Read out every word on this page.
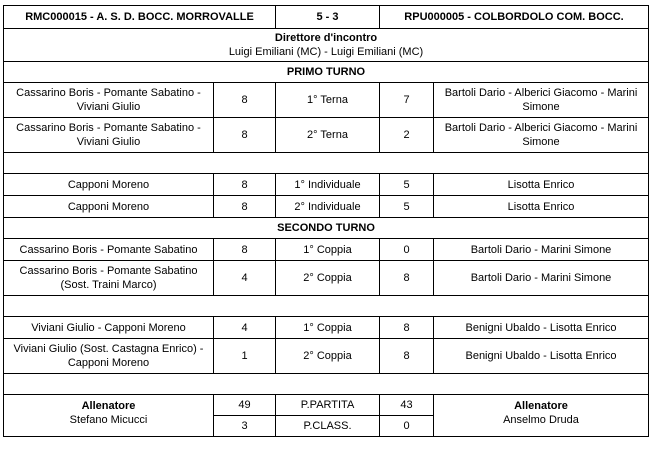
RMC000015 - A. S. D. BOCC. MORROVALLE		5 - 3	RPU000005 - COLBORDOLO COM. BOCC.	

Direttore d'incontro
Luigi Emiliani (MC) - Luigi Emiliani (MC)				

PRIMO TURNO				
Cassarino Boris - Pomante Sabatino - Viviani Giulio	8	1° Terna	7	Bartoli Dario - Alberici Giacomo - Marini Simone
Cassarino Boris - Pomante Sabatino - Viviani Giulio	8	2° Terna	2	Bartoli Dario - Alberici Giacomo - Marini Simone

Capponi Moreno	8	1° Individuale	5	Lisotta Enrico
Capponi Moreno	8	2° Individuale	5	Lisotta Enrico
SECONDO TURNO				
Cassarino Boris - Pomante Sabatino	8	1° Coppia	0	Bartoli Dario - Marini Simone
Cassarino Boris - Pomante Sabatino (Sost. Traini Marco)	4	2° Coppia	8	Bartoli Dario - Marini Simone

Viviani Giulio - Capponi Moreno	4	1° Coppia	8	Benigni Ubaldo - Lisotta Enrico
Viviani Giulio (Sost. Castagna Enrico) - Capponi Moreno	1	2° Coppia	8	Benigni Ubaldo - Lisotta Enrico

Allenatore
Stefano Micucci	49	P.PARTITA	43	Allenatore
Anselmo Druda

	3	P.CLASS.	0	
